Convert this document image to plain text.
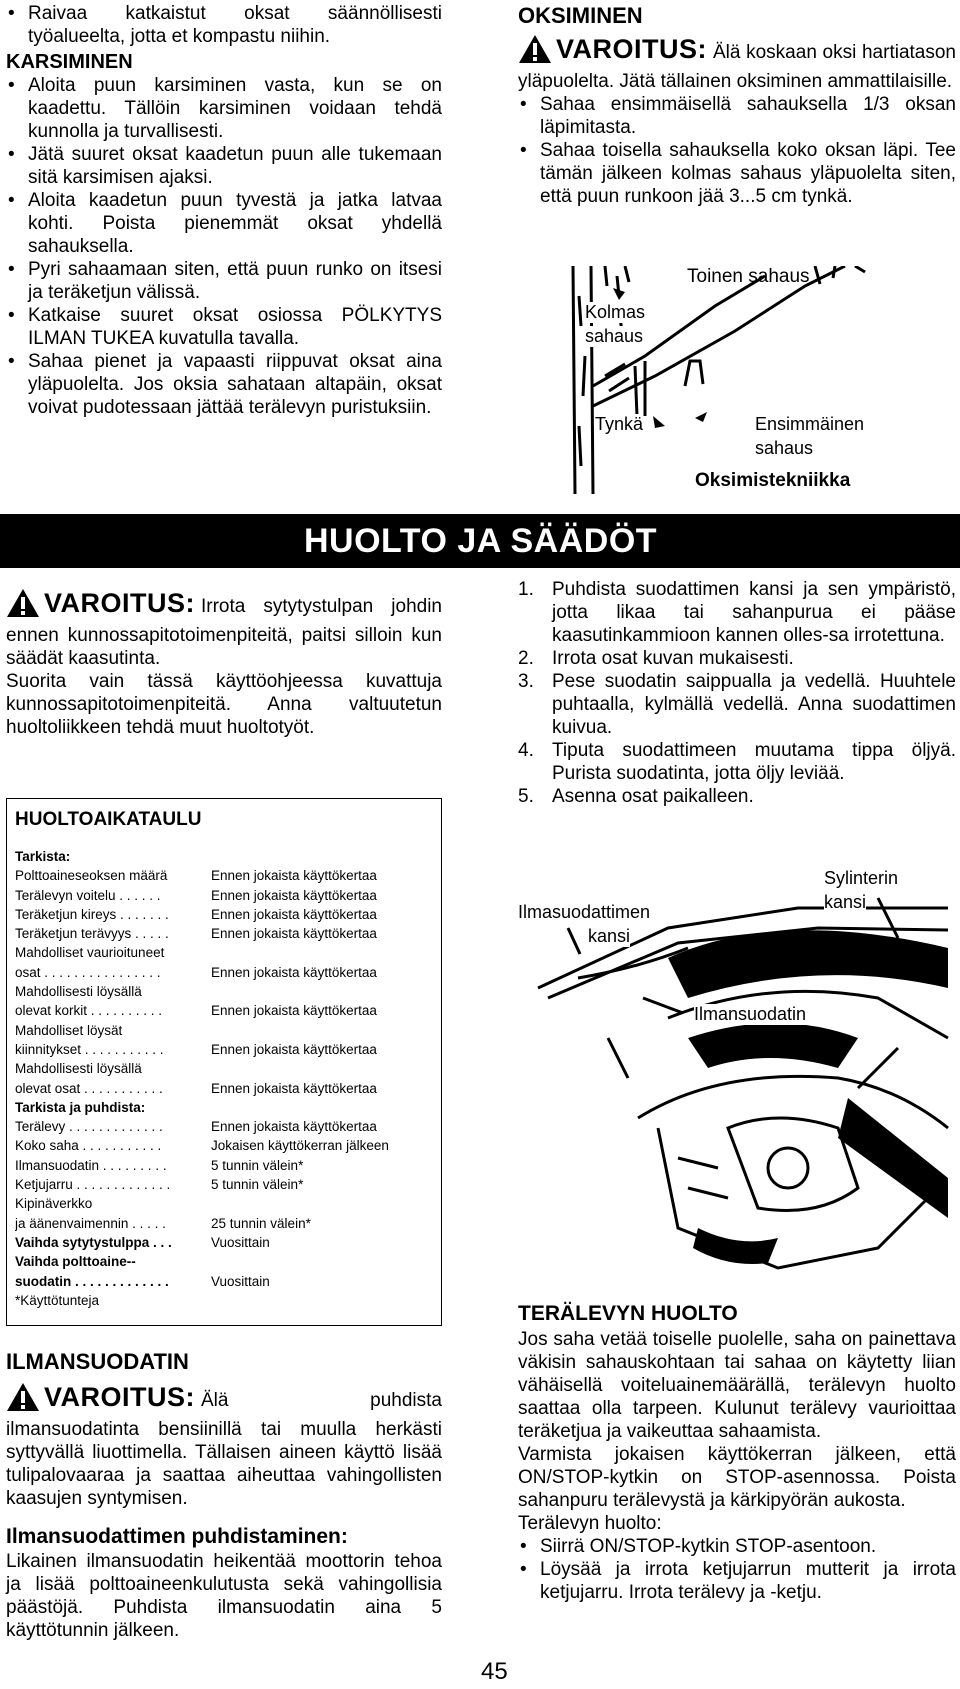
• Raivaa katkaistut oksat säännöllisesti työalueelta, jotta et kompastu niihin.

KARSIMINEN

• Aloita puun karsiminen vasta, kun se on kaadettu. Tällöin karsiminen voidaan tehdä kunnolla ja turvallisesti.
• Jätä suuret oksat kaadetun puun alle tukemaan sitä karsimisen ajaksi.
• Aloita kaadetun puun tyvestä ja jatka latvaa kohti. Poista pienemmät oksat yhdellä sahauksella.
• Pyri sahaamaan siten, että puun runko on itsesi ja teräketjun välissä.
• Katkaise suuret oksat osiossa PÖLKYTYS ILMAN TUKEA kuvatulla tavalla.
• Sahaa pienet ja vapaasti riippuvat oksat aina yläpuolelta. Jos oksia sahataan altapäin, oksat voivat pudotessaan jättää terälevyn puristuksiin.

OKSIMINEN

VAROITUS: Älä koskaan oksi hartiatason yläpuolelta. Jätä tällainen oksiminen ammattilaisille.
• Sahaa ensimmäisellä sahauksella 1/3 oksan läpimitasta.
• Sahaa toisella sahauksella koko oksan läpi. Tee tämän jälkeen kolmas sahaus yläpuolelta siten, että puun runkoon jää 3...5 cm tynkä.
Toinen sahaus
Kolmas
sahaus
Tynkä	Ensimmäinen
sahaus
Oksimistekniikka
HUOLTO JA SÄÄDÖT
VAROITUS: Irrota sytytystulpan johdin ennen kunnossapitotoimenpiteitä, paitsi silloin kun säädät kaasutinta.

Suorita vain tässä käyttöohjeessa kuvattuja kunnossapitotoimenpiteitä. Anna valtuutetun huoltoliikkeen tehdä muut huoltotyöt.

HUOLTOAIKATAULU
Tarkista:
Polttoaineseoksen määrä	Ennen jokaista käyttökertaa
Terälevyn voitelu . . . . . .	Ennen jokaista käyttökertaa
Teräketjun kireys . . . . . . .	Ennen jokaista käyttökertaa
Teräketjun terävyys . . . . .	Ennen jokaista käyttökertaa
Mahdolliset vaurioituneet
osat . . . . . . . . . . . . . . . .	Ennen jokaista käyttökertaa
Mahdollisesti löysällä
olevat korkit . . . . . . . . . .	Ennen jokaista käyttökertaa
Mahdolliset löysät
kiinnitykset . . . . . . . . . . .	Ennen jokaista käyttökertaa
Mahdollisesti löysällä
olevat osat . . . . . . . . . . .	Ennen jokaista käyttökertaa
Tarkista ja puhdista:
Terälevy . . . . . . . . . . . . .	Ennen jokaista käyttökertaa
Koko saha . . . . . . . . . . .	Jokaisen käyttökerran jälkeen
Ilmansuodatin . . . . . . . . .	5 tunnin välein*
Ketjujarru . . . . . . . . . . . . .	5 tunnin välein*
Kipinäverkko
ja äänenvaimennin . . . . .	25 tunnin välein*
Vaihda sytytystulppa . . .	Vuosittain
Vaihda polttoaine--
suodatin . . . . . . . . . . . . .	Vuosittain
*Käyttötunteja

ILMANSUODATIN

VAROITUS: Älä puhdista ilmansuodatinta bensiinillä tai muulla herkästi syttyvällä liuottimella. Tällaisen aineen käyttö lisää tulipalovaaraa ja saattaa aiheuttaa vahingollisten kaasujen syntymisen.

Ilmansuodattimen puhdistaminen:

Likainen ilmansuodatin heikentää moottorin tehoa ja lisää polttoaineenkulutusta sekä vahingollisia päästöjä. Puhdista ilmansuodatin aina 5 käyttötunnin jälkeen.

1. Puhdista suodattimen kansi ja sen ympäristö, jotta likaa tai sahanpurua ei pääse kaasutinkammioon kannen olles-sa irrotettuna.
2. Irrota osat kuvan mukaisesti.
3. Pese suodatin saippualla ja vedellä. Huuhtele puhtaalla, kylmällä vedellä. Anna suodattimen kuivua.
4. Tiputa suodattimeen muutama tippa öljyä. Purista suodatinta, jotta öljy leviää.
5. Asenna osat paikalleen.
Sylinterin
kansi
Ilmasuodattimen
kansi
Ilmansuodatin

TERÄLEVYN HUOLTO

Jos saha vetää toiselle puolelle, saha on painettava väkisin sahauskohtaan tai sahaa on käytetty liian vähäisellä voiteluainemäärällä, terälevyn huolto saattaa olla tarpeen. Kulunut terälevy vaurioittaa teräketjua ja vaikeuttaa sahaamista.

Varmista jokaisen käyttökerran jälkeen, että ON/STOP-kytkin on STOP-asennossa. Poista sahanpuru terälevystä ja kärkipyörän aukosta.

Terälevyn huolto:

• Siirrä ON/STOP-kytkin STOP-asentoon.
• Löysää ja irrota ketjujarrun mutterit ja irrota ketjujarru. Irrota terälevy ja -ketju.
45
